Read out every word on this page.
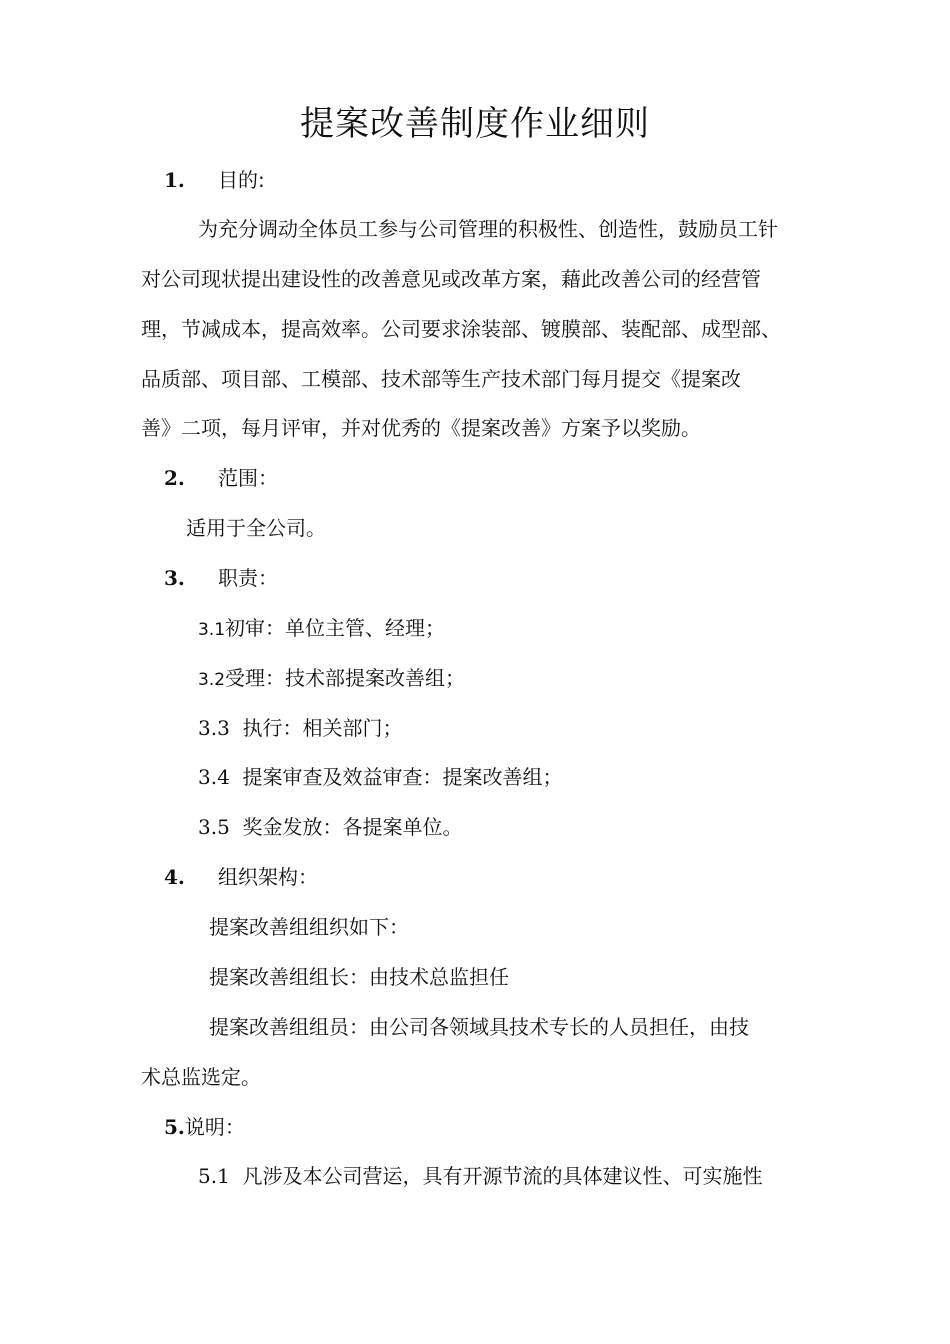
提案改善制度作业细则
1. 目的:
为充分调动全体员工参与公司管理的积极性、创造性，鼓励员工针
对公司现状提出建设性的改善意见或改革方案，藉此改善公司的经营管
理，节减成本，提高效率。公司要求涂装部、镀膜部、装配部、成型部、
品质部、项目部、工模部、技术部等生产技术部门每月提交《提案改
善》二项，每月评审，并对优秀的《提案改善》方案予以奖励。
2. 范围：
适用于全公司。
3. 职责：
3.1初审：单位主管、经理；
3.2受理：技术部提案改善组；
3.3 执行：相关部门；
3.4 提案审查及效益审查：提案改善组；
3.5 奖金发放：各提案单位。
4. 组织架构：
提案改善组组织如下：
提案改善组组长：由技术总监担任
提案改善组组员：由公司各领域具技术专长的人员担任，由技
术总监选定。
5.说明：
5.1 凡涉及本公司营运，具有开源节流的具体建议性、可实施性
